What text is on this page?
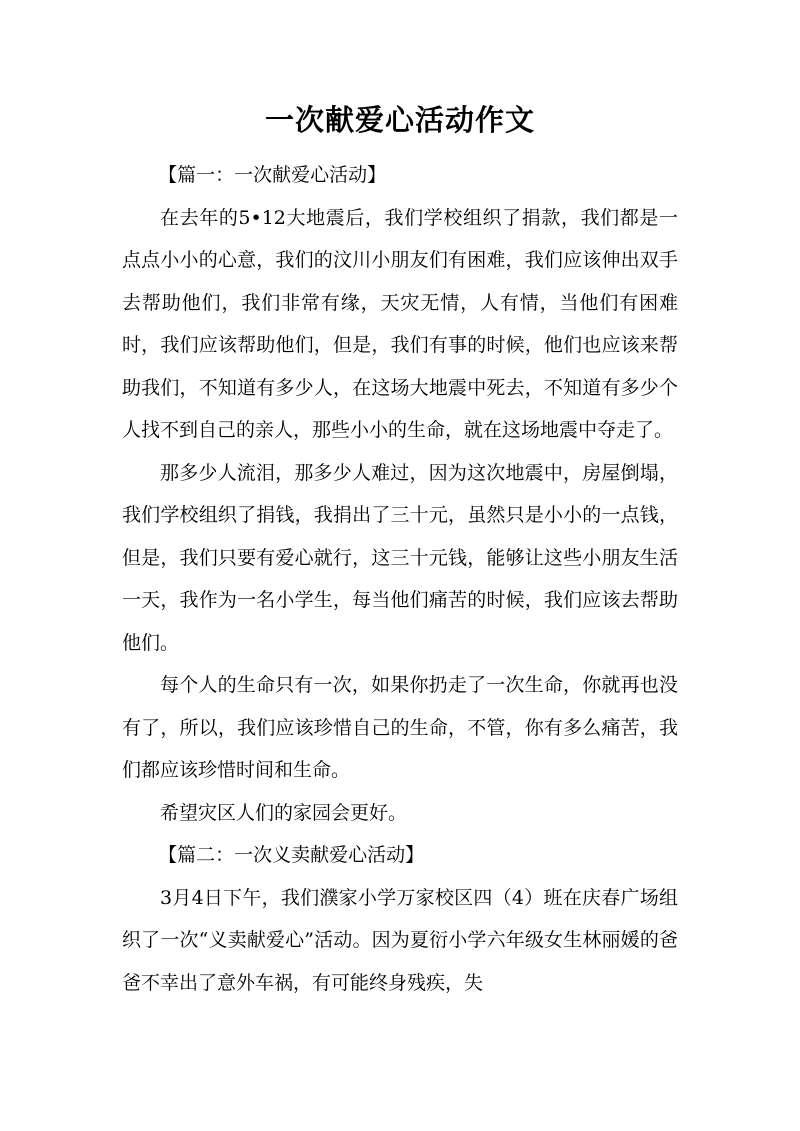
一次献爱心活动作文

【篇一：一次献爱心活动】

在去年的5•12大地震后，我们学校组织了捐款，我们都是一点点小小的心意，我们的汶川小朋友们有困难，我们应该伸出双手去帮助他们，我们非常有缘，天灾无情，人有情，当他们有困难时，我们应该帮助他们，但是，我们有事的时候，他们也应该来帮助我们，不知道有多少人，在这场大地震中死去，不知道有多少个人找不到自己的亲人，那些小小的生命，就在这场地震中夺走了。

那多少人流泪，那多少人难过，因为这次地震中，房屋倒塌，我们学校组织了捐钱，我捐出了三十元，虽然只是小小的一点钱，但是，我们只要有爱心就行，这三十元钱，能够让这些小朋友生活一天，我作为一名小学生，每当他们痛苦的时候，我们应该去帮助他们。

每个人的生命只有一次，如果你扔走了一次生命，你就再也没有了，所以，我们应该珍惜自己的生命，不管，你有多么痛苦，我们都应该珍惜时间和生命。

希望灾区人们的家园会更好。

【篇二：一次义卖献爱心活动】

3月4日下午，我们濮家小学万家校区四（4）班在庆春广场组织了一次“义卖献爱心”活动。因为夏衍小学六年级女生林丽媛的爸爸不幸出了意外车祸，有可能终身残疾，失
